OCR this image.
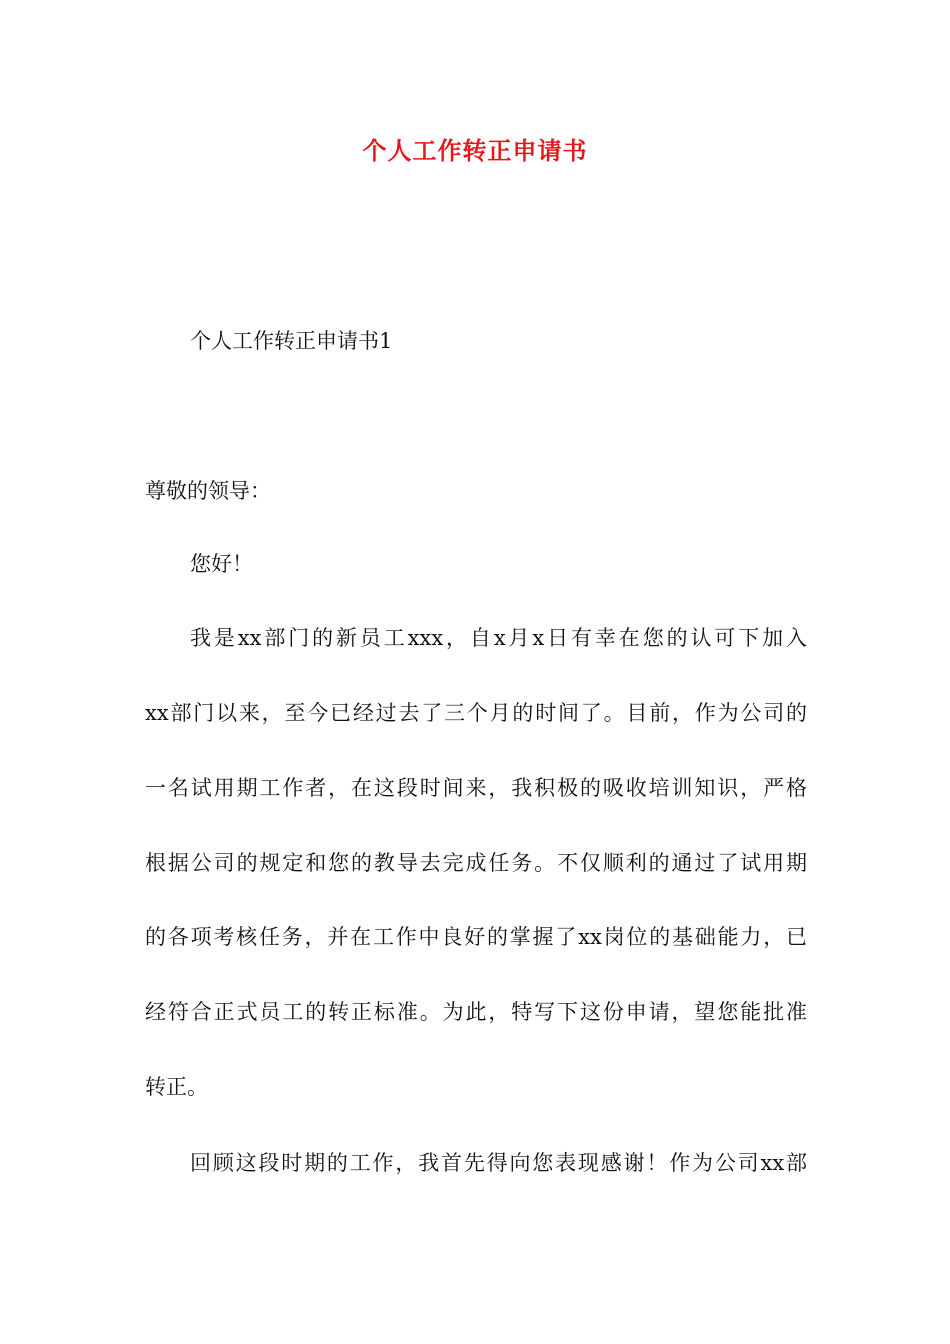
个人工作转正申请书
个人工作转正申请书1
尊敬的领导：
您好！
我是xx部门的新员工xxx，自x月x日有幸在您的认可下加入
xx部门以来，至今已经过去了三个月的时间了。目前，作为公司的
一名试用期工作者，在这段时间来，我积极的吸收培训知识，严格
根据公司的规定和您的教导去完成任务。不仅顺利的通过了试用期
的各项考核任务，并在工作中良好的掌握了xx岗位的基础能力，已
经符合正式员工的转正标准。为此，特写下这份申请，望您能批准
转正。
回顾这段时期的工作，我首先得向您表现感谢！作为公司xx部
